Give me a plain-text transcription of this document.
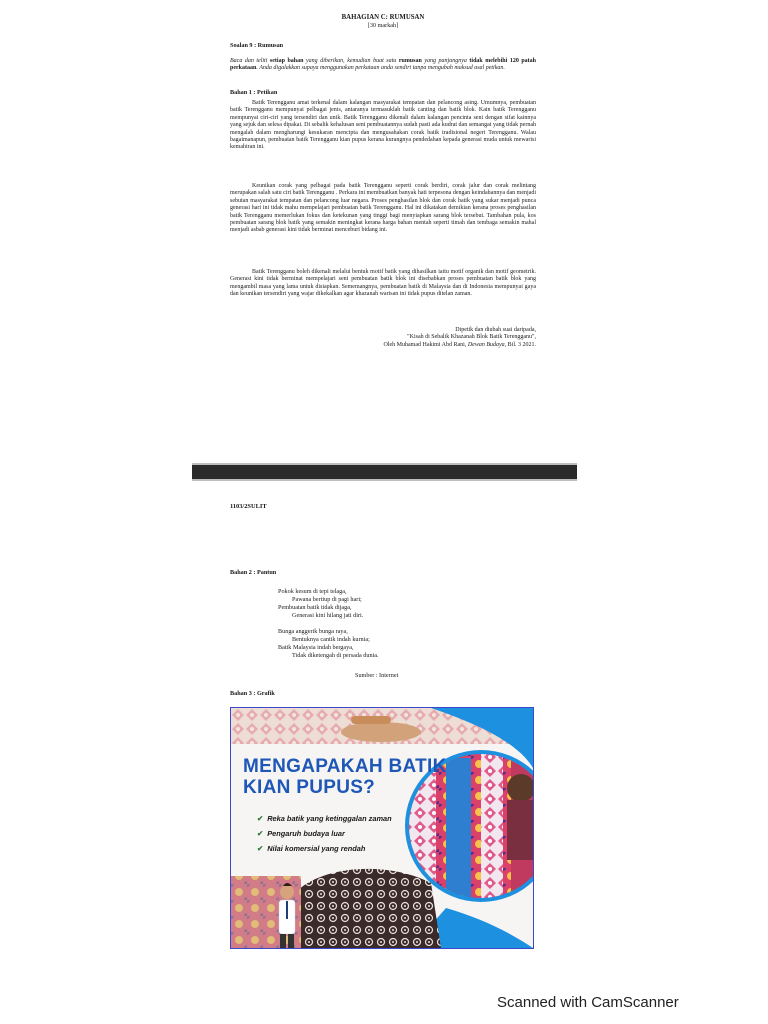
BAHAGIAN C: RUMUSAN
[30 markah]
Soalan 9 : Rumusan
Baca dan teliti setiap bahan yang diberikan, kemudian buat satu rumusan yang panjangnya tidak melebihi 120 patah perkataan. Anda digalakkan supaya menggunakan perkataan anda sendiri tanpa mengubah maksud asal petikan.
Bahan 1 : Petikan
Batik Terengganu amat terkenal dalam kalangan masyarakat tempatan dan pelancong asing. Umumnya, pembuatan batik Terengganu mempunyai pelbagai jenis, antaranya termasuklah batik canting dan batik blok. Kain batik Terengganu mempunyai ciri-ciri yang tersendiri dan unik. Batik Terengganu dikenali dalam kalangan pencinta seni dengan sifat kainnya yang sejuk dan selesa dipakai. Di sebalik kehalusan seni pembuatannya sudah pasti ada kudrat dan semangat yang tidak pernah mengalah dalam mengharungi kesukaran mencipta dan mengusahakan corak batik tradisional negeri Terengganu. Walau bagaimanapun, pembuatan batik Terengganu kian pupus kerana kurangnya pendedahan kepada generasi muda untuk mewarisi kemahiran ini.
Keunikan corak yang pelbagai pada batik Terengganu seperti corak berdiri, corak jalur dan corak melintang merupakan salah satu ciri batik Terengganu . Perkara ini membuatkan banyak hati terpesona dengan keindahannya dan menjadi sebutan masyarakat tempatan dan pelancong luar negara. Proses penghasilan blok dan corak batik yang sukar menjadi punca generasi hari ini tidak mahu mempelajari pembuatan batik Terengganu. Hal ini dikatakan demikian kerana proses penghasilan batik Terengganu memerlukan fokus dan ketekunan yang tinggi bagi menyiapkan sarang blok tersebut. Tambahan pula, kos pembuatan sarang blok batik yang semakin meningkat kerana harga bahan mentah seperti timah dan tembaga semakin mahal menjadi asbab generasi kini tidak berminat menceburi bidang ini.
Batik Terengganu boleh dikenali melalui bentuk motif batik yang dihasilkan iaitu motif organik dan motif geometrik. Generasi kini tidak berminat mempelajari seni pembuatan batik blok ini disebabkan proses pembuatan batik blok yang mengambil masa yang lama untuk disiapkan. Sememangnya, pembuatan batik di Malaysia dan di Indonesia mempunyai gaya dan keunikan tersendiri yang wajar dikekalkan agar khazanah warisan ini tidak pupus ditelan zaman.
Dipetik dan diubah suai daripada,
"Kisah di Sebalik Khazanah Blok Batik Terengganu",
Oleh Muhamad Hakimi Abd Rani, Dewan Budaya, Bil. 3 2021.
1103/2SULIT
Bahan 2 : Pantun
Pokok kesum di tepi telaga,
Pawana bertiup di pagi hari;
Pembuatan batik tidak dijaga,
Generasi kini hilang jati diri.
Bunga anggerik bunga raya,
Bentuknya cantik indah kurnia;
Batik Malaysia indah bergaya,
Tidak diketengah di persada dunia.
Sumber : Internet
Bahan 3 : Grafik
MENGAPAKAH BATIK
KIAN PUPUS?
✔ Reka batik yang ketinggalan zaman
✔ Pengaruh budaya luar
✔ Nilai komersial yang rendah
Scanned with CamScanner
